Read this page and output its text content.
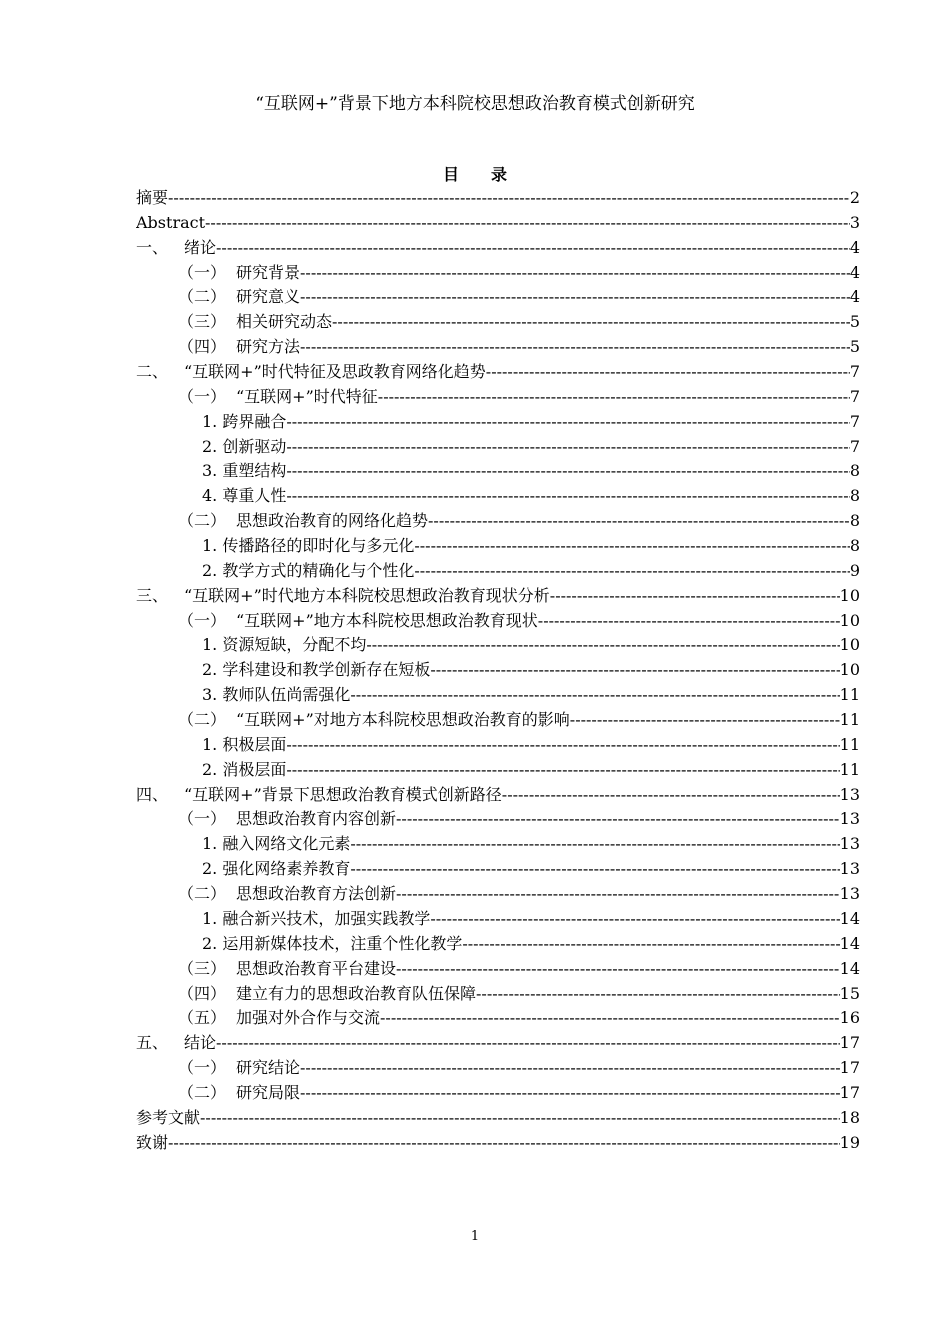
“互联网+”背景下地方本科院校思想政治教育模式创新研究
目 录
摘要 -----	2
Abstract -----	3
一、 绪论 -----	4
（一） 研究背景 -----	4
（二） 研究意义 -----	4
（三） 相关研究动态 -----	5
（四） 研究方法 -----	5
二、 “互联网+”时代特征及思政教育网络化趋势 -----	7
（一） “互联网+”时代特征 -----	7
1. 跨界融合 -----	7
2. 创新驱动 -----	7
3. 重塑结构 -----	8
4. 尊重人性 -----	8
（二） 思想政治教育的网络化趋势 -----	8
1. 传播路径的即时化与多元化 -----	8
2. 教学方式的精确化与个性化 -----	9
三、 “互联网+”时代地方本科院校思想政治教育现状分析 -----	10
（一） “互联网+”地方本科院校思想政治教育现状 -----	10
1. 资源短缺，分配不均 -----	10
2. 学科建设和教学创新存在短板 -----	10
3. 教师队伍尚需强化 -----	11
（二） “互联网+”对地方本科院校思想政治教育的影响 -----	11
1. 积极层面 -----	11
2. 消极层面 -----	11
四、 “互联网+”背景下思想政治教育模式创新路径 -----	13
（一） 思想政治教育内容创新 -----	13
1. 融入网络文化元素 -----	13
2. 强化网络素养教育 -----	13
（二） 思想政治教育方法创新 -----	13
1. 融合新兴技术，加强实践教学 -----	14
2. 运用新媒体技术，注重个性化教学 -----	14
（三） 思想政治教育平台建设 -----	14
（四） 建立有力的思想政治教育队伍保障 -----	15
（五） 加强对外合作与交流 -----	16
五、 结论 -----	17
（一） 研究结论 -----	17
（二） 研究局限 -----	17
参考文献 -----	18
致谢 -----	19
1
